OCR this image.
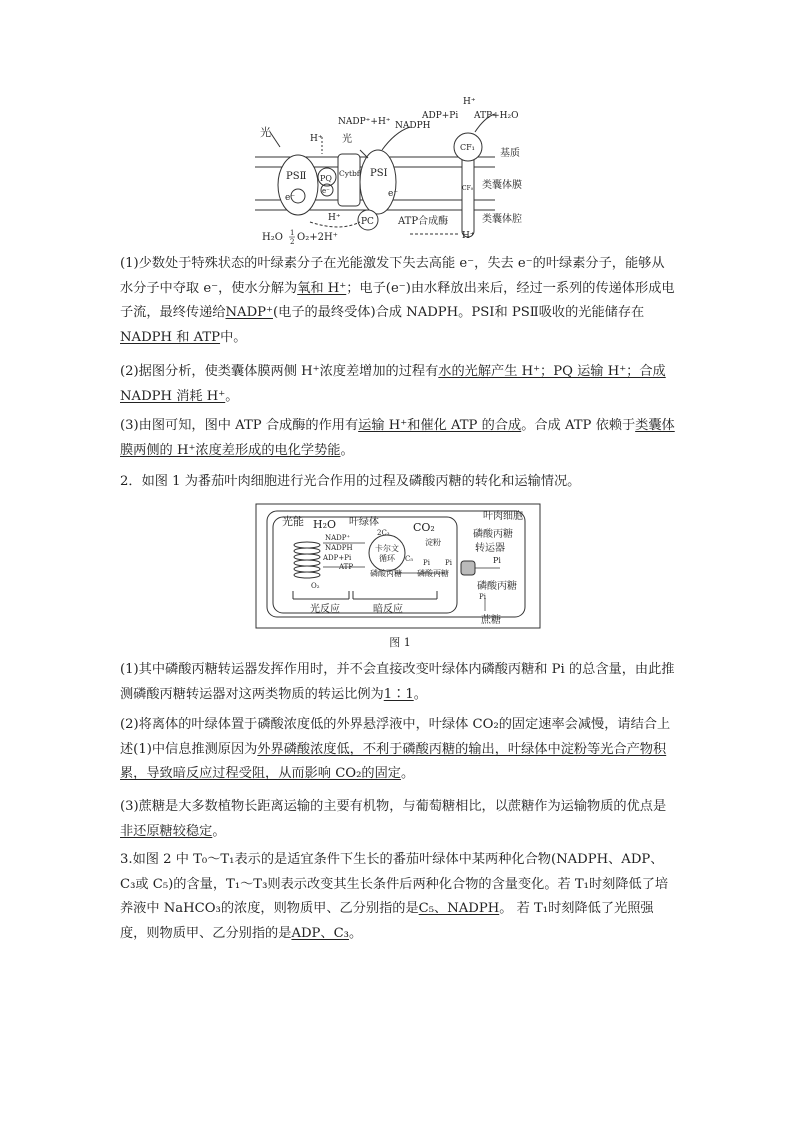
光	H⁺
NADP⁺+H⁺
光
NADPH
ADP+Pi
H⁺
ATP+H₂O
PSⅡ PQ
Cytbf PSⅠ
e⁻
e⁻	e⁻
CF₁
CF₀
基质
类囊体膜
类囊体腔
H⁺ PC ATP合成酶
H⁺
H₂O 1
2 O₂+2H⁺

(1)少数处于特殊状态的叶绿素分子在光能激发下失去高能 e⁻，失去 e⁻的叶绿素分子，能够从水分子中夺取 e⁻，使水分解为氧和 H⁺；电子(e⁻)由水释放出来后，经过一系列的传递体形成电子流，最终传递给NADP⁺(电子的最终受体)合成 NADPH。PSⅠ和 PSⅡ吸收的光能储存在NADPH 和 ATP中。

(2)据图分析，使类囊体膜两侧 H⁺浓度差增加的过程有水的光解产生 H⁺；PQ 运输 H⁺；合成 NADPH 消耗 H⁺。

(3)由图可知，图中 ATP 合成酶的作用有运输 H⁺和催化 ATP 的合成。合成 ATP 依赖于类囊体膜两侧的 H⁺浓度差形成的电化学势能。

2．如图 1 为番茄叶肉细胞进行光合作用的过程及磷酸丙糖的转化和运输情况。

光能 H₂O 叶绿体
叶肉细胞
2C₃ CO₂
NADP⁺
NADPH
ADP+Pi
ATP
卡尔文
循环 C₅
淀粉
Pi Pi	Pi
Pi
磷酸丙糖 磷酸丙糖
磷酸丙糖
转运器
磷酸丙糖
O₂
光反应	暗反应
蔗糖
图 1

(1)其中磷酸丙糖转运器发挥作用时，并不会直接改变叶绿体内磷酸丙糖和 Pi 的总含量，由此推测磷酸丙糖转运器对这两类物质的转运比例为1∶1。

(2)将离体的叶绿体置于磷酸浓度低的外界悬浮液中，叶绿体 CO₂的固定速率会减慢，请结合上述(1)中信息推测原因为外界磷酸浓度低，不利于磷酸丙糖的输出，叶绿体中淀粉等光合产物积累，导致暗反应过程受阻，从而影响 CO₂的固定。

(3)蔗糖是大多数植物长距离运输的主要有机物，与葡萄糖相比，以蔗糖作为运输物质的优点是非还原糖较稳定。

3.如图 2 中 T₀～T₁表示的是适宜条件下生长的番茄叶绿体中某两种化合物(NADPH、ADP、C₃或 C₅)的含量，T₁～T₃则表示改变其生长条件后两种化合物的含量变化。若 T₁时刻降低了培养液中 NaHCO₃的浓度，则物质甲、乙分别指的是C₅、NADPH。 若 T₁时刻降低了光照强度，则物质甲、乙分别指的是ADP、C₃。
